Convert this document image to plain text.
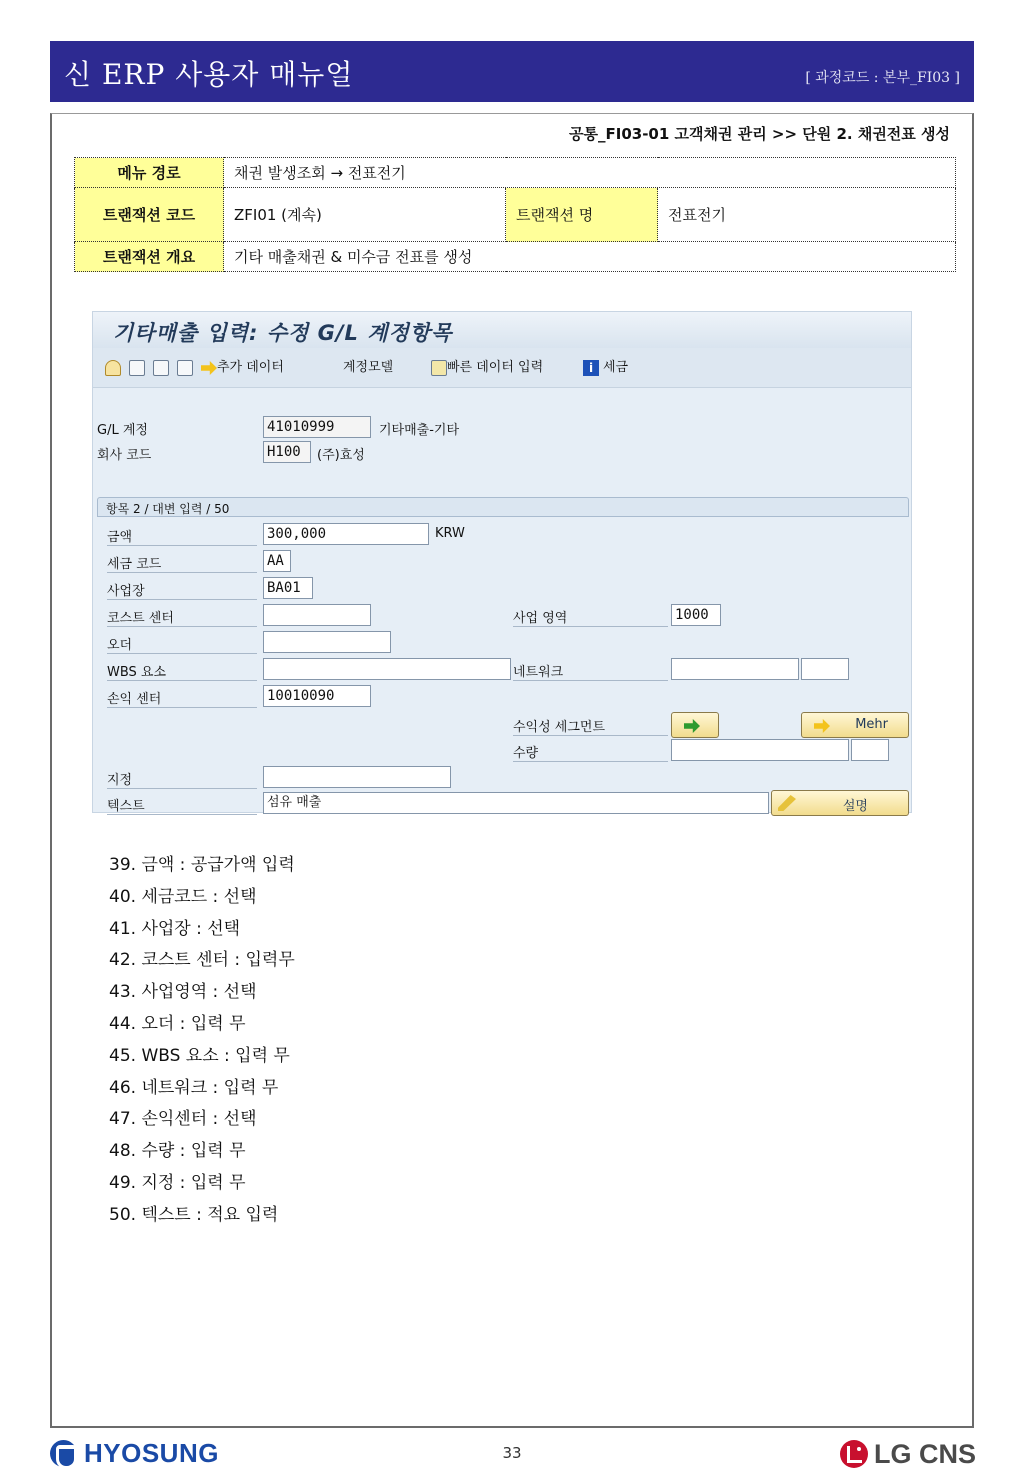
신 ERP 사용자 매뉴얼	[ 과정코드 : 본부_FI03 ]
공통_FI03-01 고객채권 관리 >> 단원 2. 채권전표 생성
메뉴 경로	채권 발생조회 → 전표전기		
트랜잭션 코드	ZFI01 (계속)	트랜잭션 명	전표전기
트랜잭션 개요	기타 매출채권 & 미수금 전표를 생성		
기타매출 입력: 수정 G/L 계정항목
추가 데이터	계정모델	빠른 데이터 입력	i 세금
G/L 계정	41010999	기타매출-기타
회사 코드	H100	(주)효성
항목 2 / 대변 입력 / 50
금액	300,000	KRW
세금 코드	AA
사업장	BA01
코스트 센터	사업 영역	1000
오더
WBS 요소	네트워크
손익 센터	10010090
수익성 세그먼트	Mehr
수량
지정
텍스트	섬유 매출	설명
39. 금액 : 공급가액 입력
40. 세금코드 : 선택
41. 사업장 : 선택
42. 코스트 센터 : 입력무
43. 사업영역 : 선택
44. 오더 : 입력 무
45. WBS 요소 : 입력 무
46. 네트워크 : 입력 무
47. 손익센터 : 선택
48. 수량 : 입력 무
49. 지정 : 입력 무
50. 텍스트 : 적요 입력
HYOSUNG	33	LG CNS
